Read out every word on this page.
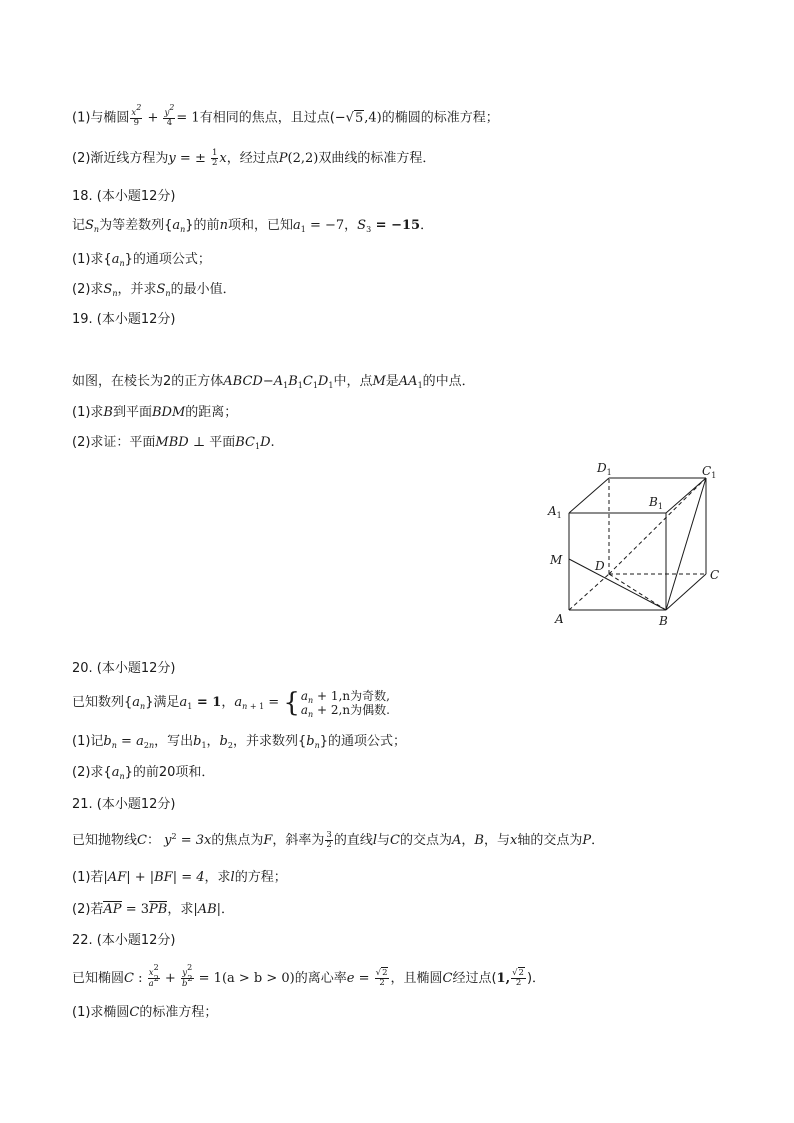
(1)与椭圆 $\frac{x^2}{9} + \frac{y^2}{4} = 1$有相同的焦点，且过点(−√5,4)的椭圆的标准方程；
(2)渐近线方程为y = ± $\frac{1}{2}$ x，经过点P(2,2)双曲线的标准方程．
18. (本小题12分)
记$S_n$为等差数列$\{a_n\}$的前n项和，已知$a_1 = -7$，$S_3 = -15$．
(1)求$\{a_n\}$的通项公式；
(2)求$S_n$，并求$S_n$的最小值．
19. (本小题12分)
如图，在棱长为2的正方体$ABCD-A_1B_1C_1D_1$中，点M是$AA_1$的中点．
(1)求B到平面BDM的距离；
(2)求证：平面MBD ⊥ 平面$BC_1D$.
$D_1$	$C_1$
$A_1$
$B_1$
M	D
C
A	B
20. (本小题12分)
已知数列$\{a_n\}$满足$a_1 = 1$，$a_{n + 1}$ = { $a_n + 1,n$为奇数,
$a_n + 2,n$为偶数.
(1)记$b_n = a_{2n}$，写出$b_1$，$b_2$，并求数列$\{b_n\}$的通项公式；
(2)求$\{a_n\}$的前20项和．
21. (本小题12分)
已知抛物线C： $y^2 = 3x$的焦点为F，斜率为 $\frac{3}{2}$ 的直线l与C的交点为A，B，与x轴的交点为P．
(1)若|AF| + |BF| = 4，求l的方程；
(2)若AP = 3PB，求|AB|．
22. (本小题12分)
已知椭圆C : $\frac{x^2}{a^2} + \frac{y^2}{b^2} = 1(a > b > 0)$的离心率$e = \frac{√2}{2}$ ，且椭圆C经过点(1, $\frac{√2}{2}$ )．
(1)求椭圆C的标准方程；
